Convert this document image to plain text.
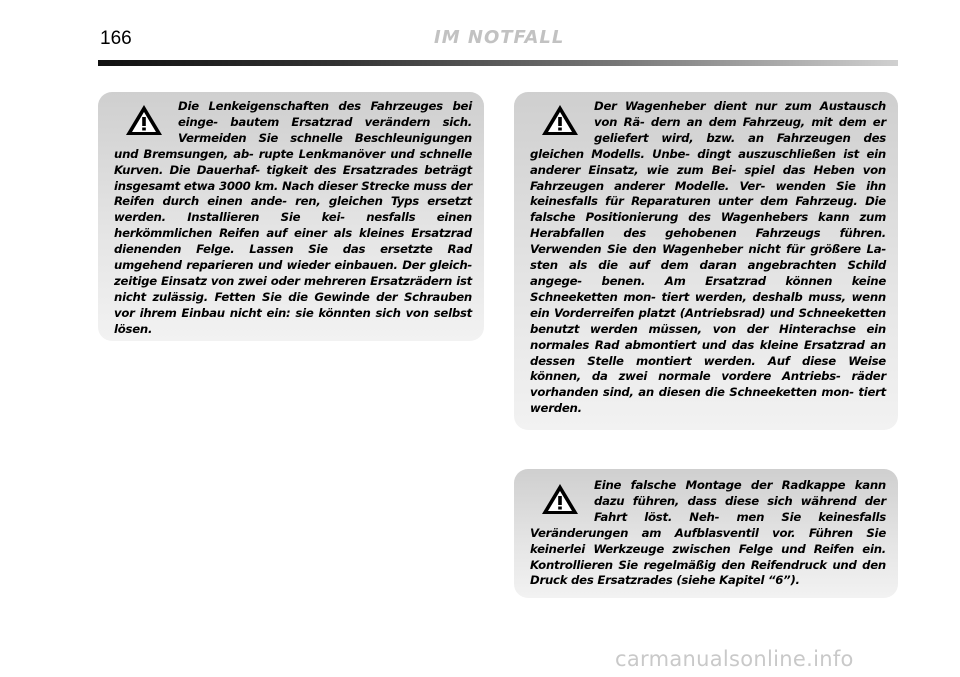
166	IM NOTFALL

Die Lenkeigenschaften des Fahrzeuges bei einge- bautem Ersatzrad verändern sich. Vermeiden Sie schnelle Beschleunigungen und Bremsungen, ab- rupte Lenkmanöver und schnelle Kurven. Die Dauerhaf- tigkeit des Ersatzrades beträgt insgesamt etwa 3000 km. Nach dieser Strecke muss der Reifen durch einen ande- ren, gleichen Typs ersetzt werden. Installieren Sie kei- nesfalls einen herkömmlichen Reifen auf einer als kleines Ersatzrad dienenden Felge. Lassen Sie das ersetzte Rad umgehend reparieren und wieder einbauen. Der gleich- zeitige Einsatz von zwei oder mehreren Ersatzrädern ist nicht zulässig. Fetten Sie die Gewinde der Schrauben vor ihrem Einbau nicht ein: sie könnten sich von selbst lösen.

Der Wagenheber dient nur zum Austausch von Rä- dern an dem Fahrzeug, mit dem er geliefert wird, bzw. an Fahrzeugen des gleichen Modells. Unbe- dingt auszuschließen ist ein anderer Einsatz, wie zum Bei- spiel das Heben von Fahrzeugen anderer Modelle. Ver- wenden Sie ihn keinesfalls für Reparaturen unter dem Fahrzeug. Die falsche Positionierung des Wagenhebers kann zum Herabfallen des gehobenen Fahrzeugs führen. Verwenden Sie den Wagenheber nicht für größere La- sten als die auf dem daran angebrachten Schild angege- benen. Am Ersatzrad können keine Schneeketten mon- tiert werden, deshalb muss, wenn ein Vorderreifen platzt (Antriebsrad) und Schneeketten benutzt werden müssen, von der Hinterachse ein normales Rad abmontiert und das kleine Ersatzrad an dessen Stelle montiert werden. Auf diese Weise können, da zwei normale vordere Antriebs- räder vorhanden sind, an diesen die Schneeketten mon- tiert werden.

Eine falsche Montage der Radkappe kann dazu führen, dass diese sich während der Fahrt löst. Neh- men Sie keinesfalls Veränderungen am Aufblasventil vor. Führen Sie keinerlei Werkzeuge zwischen Felge und Reifen ein. Kontrollieren Sie regelmäßig den Reifendruck und den Druck des Ersatzrades (siehe Kapitel “6”).

carmanualsonline.info
